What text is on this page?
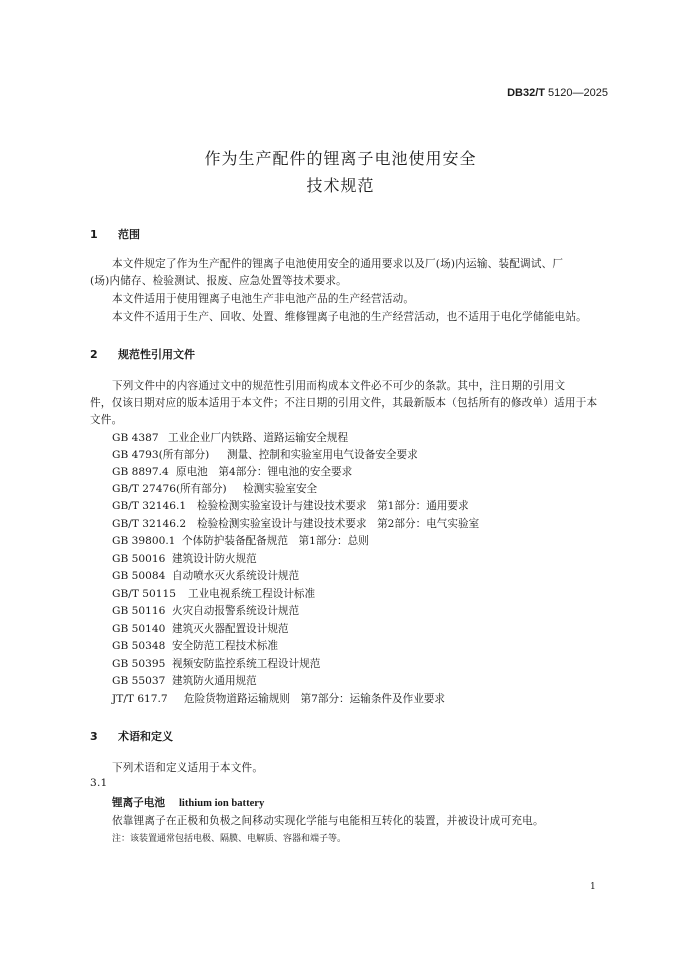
DB32/T 5120—2025
作为生产配件的锂离子电池使用安全
技术规范
1 范围
本文件规定了作为生产配件的锂离子电池使用安全的通用要求以及厂(场)内运输、装配调试、厂
(场)内储存、检验测试、报废、应急处置等技术要求。
本文件适用于使用锂离子电池生产非电池产品的生产经营活动。
本文件不适用于生产、回收、处置、维修锂离子电池的生产经营活动，也不适用于电化学储能电站。
2 规范性引用文件
下列文件中的内容通过文中的规范性引用而构成本文件必不可少的条款。其中，注日期的引用文
件，仅该日期对应的版本适用于本文件；不注日期的引用文件，其最新版本（包括所有的修改单）适用于本
文件。
GB 4387 工业企业厂内铁路、道路运输安全规程
GB 4793(所有部分) 测量、控制和实验室用电气设备安全要求
GB 8897.4 原电池　第4部分：锂电池的安全要求
GB/T 27476(所有部分) 检测实验室安全
GB/T 32146.1 检验检测实验室设计与建设技术要求　第1部分：通用要求
GB/T 32146.2 检验检测实验室设计与建设技术要求　第2部分：电气实验室
GB 39800.1 个体防护装备配备规范　第1部分：总则
GB 50016 建筑设计防火规范
GB 50084 自动喷水灭火系统设计规范
GB/T 50115 工业电视系统工程设计标准
GB 50116 火灾自动报警系统设计规范
GB 50140 建筑灭火器配置设计规范
GB 50348 安全防范工程技术标准
GB 50395 视频安防监控系统工程设计规范
GB 55037 建筑防火通用规范
JT/T 617.7 危险货物道路运输规则　第7部分：运输条件及作业要求
3 术语和定义
下列术语和定义适用于本文件。
3.1
锂离子电池 lithium ion battery
依靠锂离子在正极和负极之间移动实现化学能与电能相互转化的装置，并被设计成可充电。
注：该装置通常包括电极、隔膜、电解质、容器和端子等。
1
